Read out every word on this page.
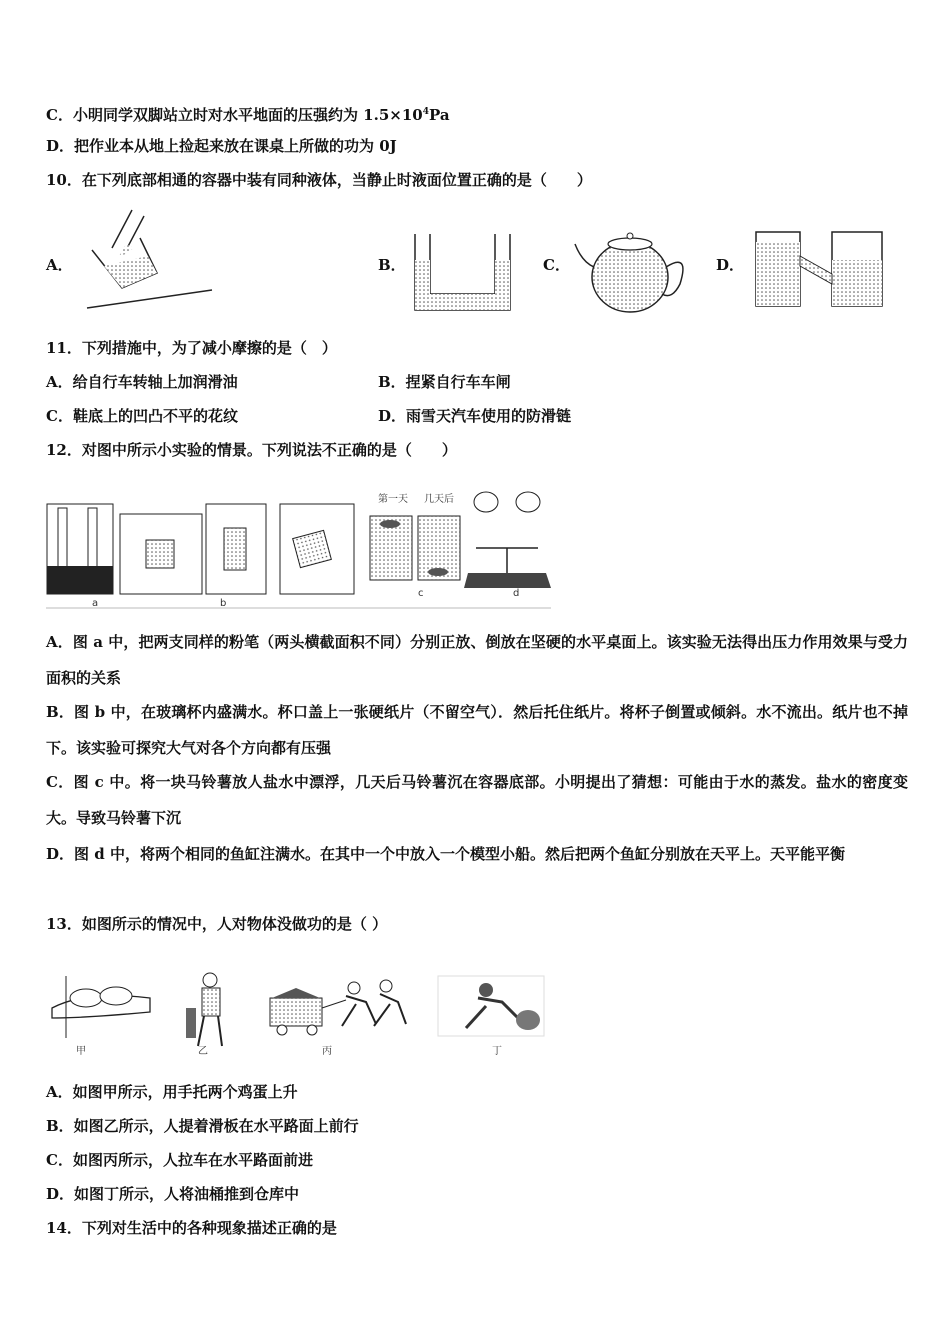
C．小明同学双脚站立时对水平地面的压强约为 $1.5\times 10^4Pa$
D．把作业本从地上捡起来放在课桌上所做的功为 0J
10．在下列底部相通的容器中装有同种液体，当静止时液面位置正确的是（　　）
A．	B．	C．	D．
11．下列措施中，为了减小摩擦的是（　）
A．给自行车转轴上加润滑油	B．捏紧自行车车闸
C．鞋底上的凹凸不平的花纹	D．雨雪天汽车使用的防滑链
12．对图中所示小实验的情景。下列说法不正确的是（　　）
第一天 几天后
a	b
c	d
A．图 a 中，把两支同样的粉笔（两头横截面积不同）分别正放、倒放在坚硬的水平桌面上。该实验无法得出压力作用效果与受力面积的关系
B．图 b 中，在玻璃杯内盛满水。杯口盖上一张硬纸片（不留空气）．然后托住纸片。将杯子倒置或倾斜。水不流出。纸片也不掉下。该实验可探究大气对各个方向都有压强
C．图 c 中。将一块马铃薯放人盐水中漂浮，几天后马铃薯沉在容器底部。小明提出了猜想：可能由于水的蒸发。盐水的密度变大。导致马铃薯下沉
D．图 d 中，将两个相同的鱼缸注满水。在其中一个中放入一个模型小船。然后把两个鱼缸分别放在天平上。天平能平衡
13．如图所示的情况中，人对物体没做功的是（ ）
甲	乙	丙	丁
A．如图甲所示，用手托两个鸡蛋上升
B．如图乙所示，人提着滑板在水平路面上前行
C．如图丙所示，人拉车在水平路面前进
D．如图丁所示，人将油桶推到仓库中
14．下列对生活中的各种现象描述正确的是
